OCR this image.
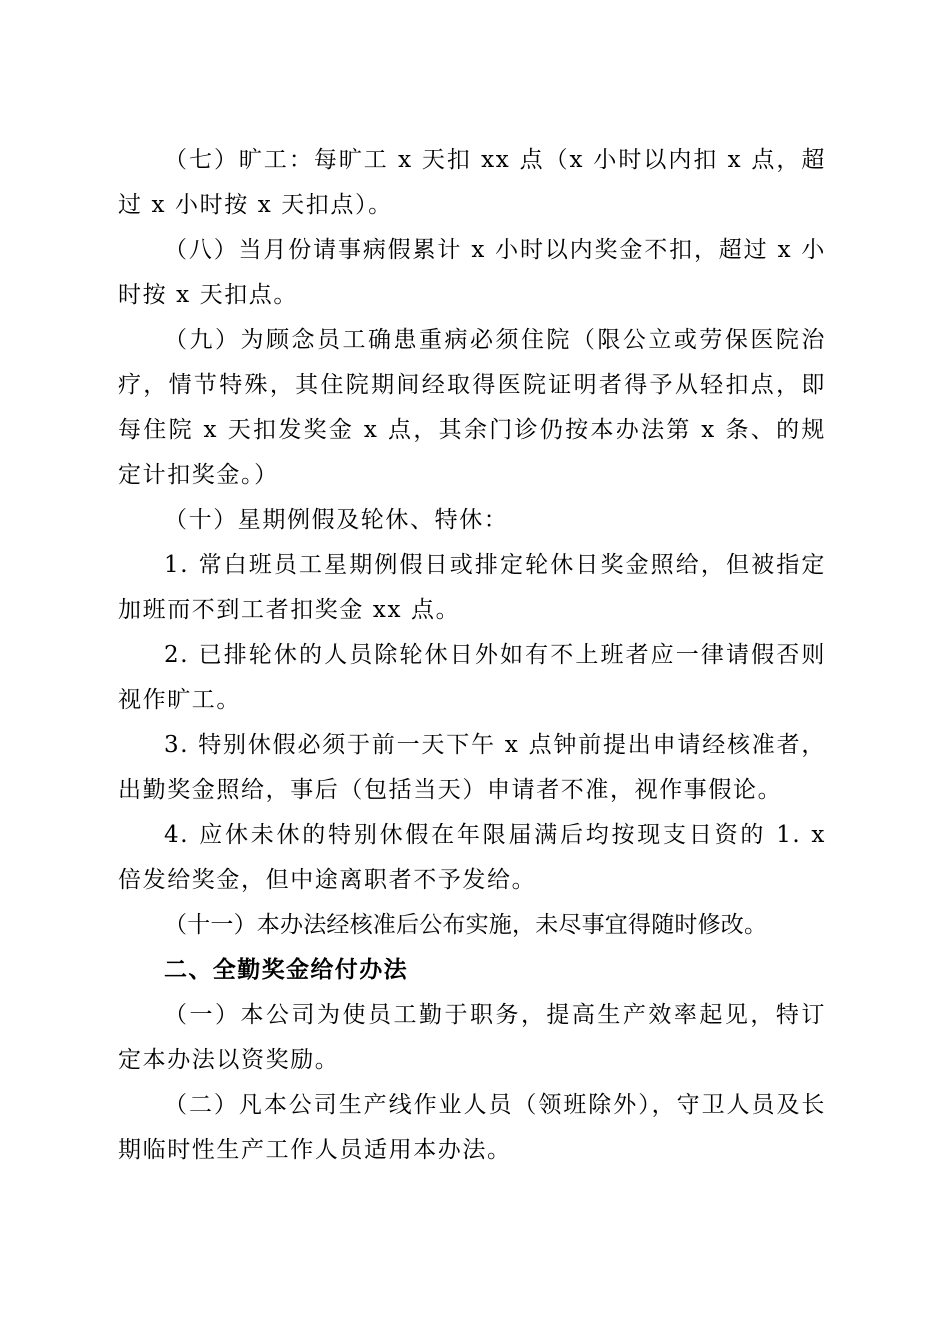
（七）旷工：每旷工 x 天扣 xx 点（x 小时以内扣 x 点，超过 x 小时按 x 天扣点）。

（八）当月份请事病假累计 x 小时以内奖金不扣，超过 x 小时按 x 天扣点。

（九）为顾念员工确患重病必须住院（限公立或劳保医院治疗，情节特殊，其住院期间经取得医院证明者得予从轻扣点，即每住院 x 天扣发奖金 x 点，其余门诊仍按本办法第 x 条、的规定计扣奖金。）

（十）星期例假及轮休、特休：

1. 常白班员工星期例假日或排定轮休日奖金照给，但被指定加班而不到工者扣奖金 xx 点。

2. 已排轮休的人员除轮休日外如有不上班者应一律请假否则视作旷工。

3. 特别休假必须于前一天下午 x 点钟前提出申请经核准者，出勤奖金照给，事后（包括当天）申请者不准，视作事假论。

4. 应休未休的特别休假在年限届满后均按现支日资的 1. x 倍发给奖金，但中途离职者不予发给。

（十一）本办法经核准后公布实施，未尽事宜得随时修改。

二、全勤奖金给付办法

（一）本公司为使员工勤于职务，提高生产效率起见，特订定本办法以资奖励。

（二）凡本公司生产线作业人员（领班除外），守卫人员及长期临时性生产工作人员适用本办法。
